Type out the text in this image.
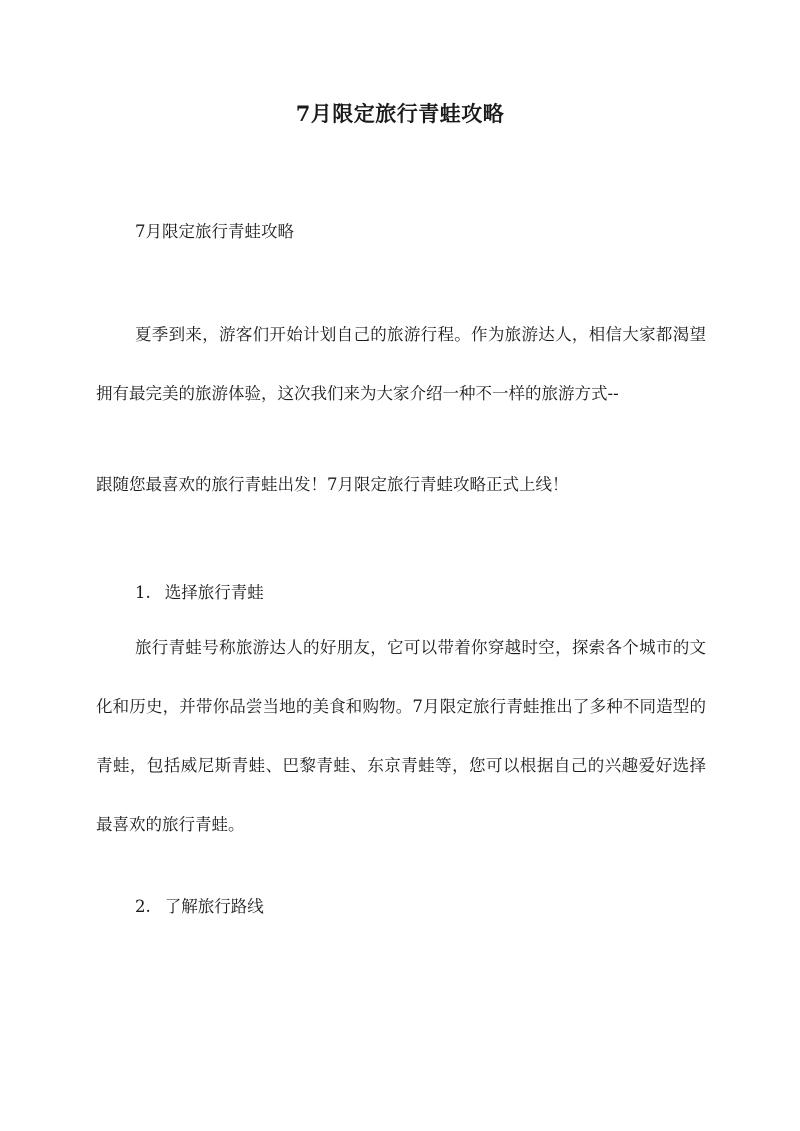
7月限定旅行青蛙攻略

7月限定旅行青蛙攻略

夏季到来，游客们开始计划自己的旅游行程。作为旅游达人，相信大家都渴望拥有最完美的旅游体验，这次我们来为大家介绍一种不一样的旅游方式--

跟随您最喜欢的旅行青蛙出发！7月限定旅行青蛙攻略正式上线！

1. 选择旅行青蛙

旅行青蛙号称旅游达人的好朋友，它可以带着你穿越时空，探索各个城市的文化和历史，并带你品尝当地的美食和购物。7月限定旅行青蛙推出了多种不同造型的青蛙，包括威尼斯青蛙、巴黎青蛙、东京青蛙等，您可以根据自己的兴趣爱好选择最喜欢的旅行青蛙。

2. 了解旅行路线
